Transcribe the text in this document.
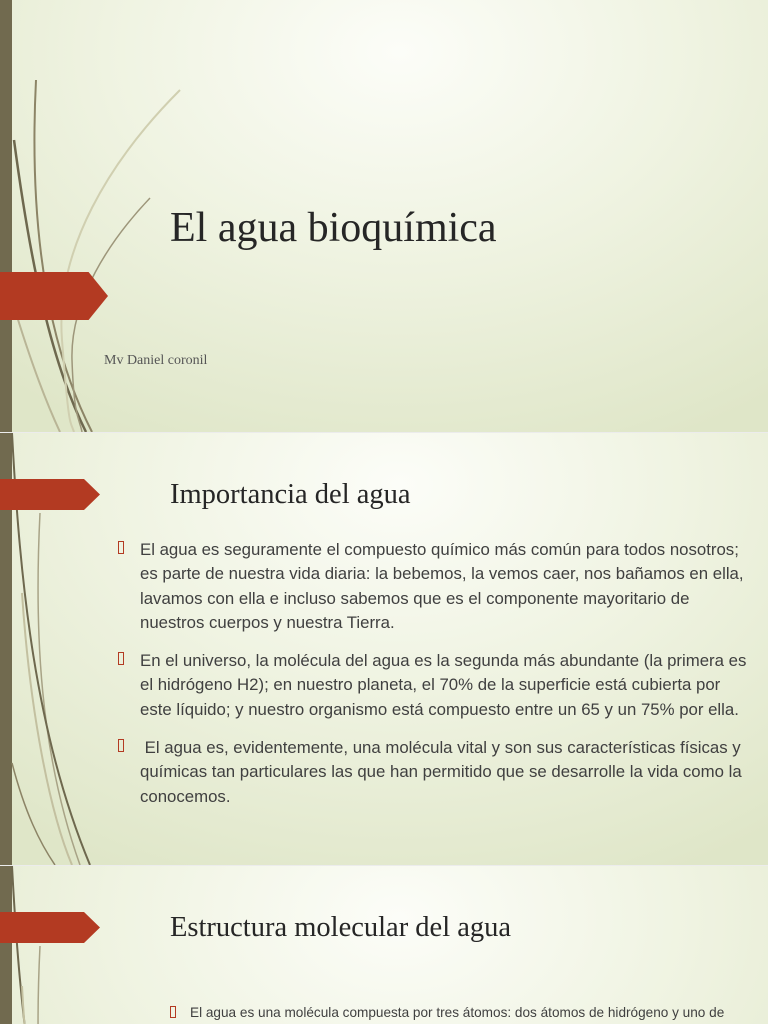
El agua bioquímica
Mv Daniel coronil
Importancia del agua
El agua es seguramente el compuesto químico más común para todos nosotros;
es parte de nuestra vida diaria: la bebemos, la vemos caer, nos bañamos en ella,
lavamos con ella e incluso sabemos que es el componente mayoritario de
nuestros cuerpos y nuestra Tierra.
En el universo, la molécula del agua es la segunda más abundante (la primera es
el hidrógeno H2); en nuestro planeta, el 70% de la superficie está cubierta por
este líquido; y nuestro organismo está compuesto entre un 65 y un 75% por ella.
El agua es, evidentemente, una molécula vital y son sus características físicas y
químicas tan particulares las que han permitido que se desarrolle la vida como la
conocemos.
Estructura molecular del agua
El agua es una molécula compuesta por tres átomos: dos átomos de hidrógeno y uno de
